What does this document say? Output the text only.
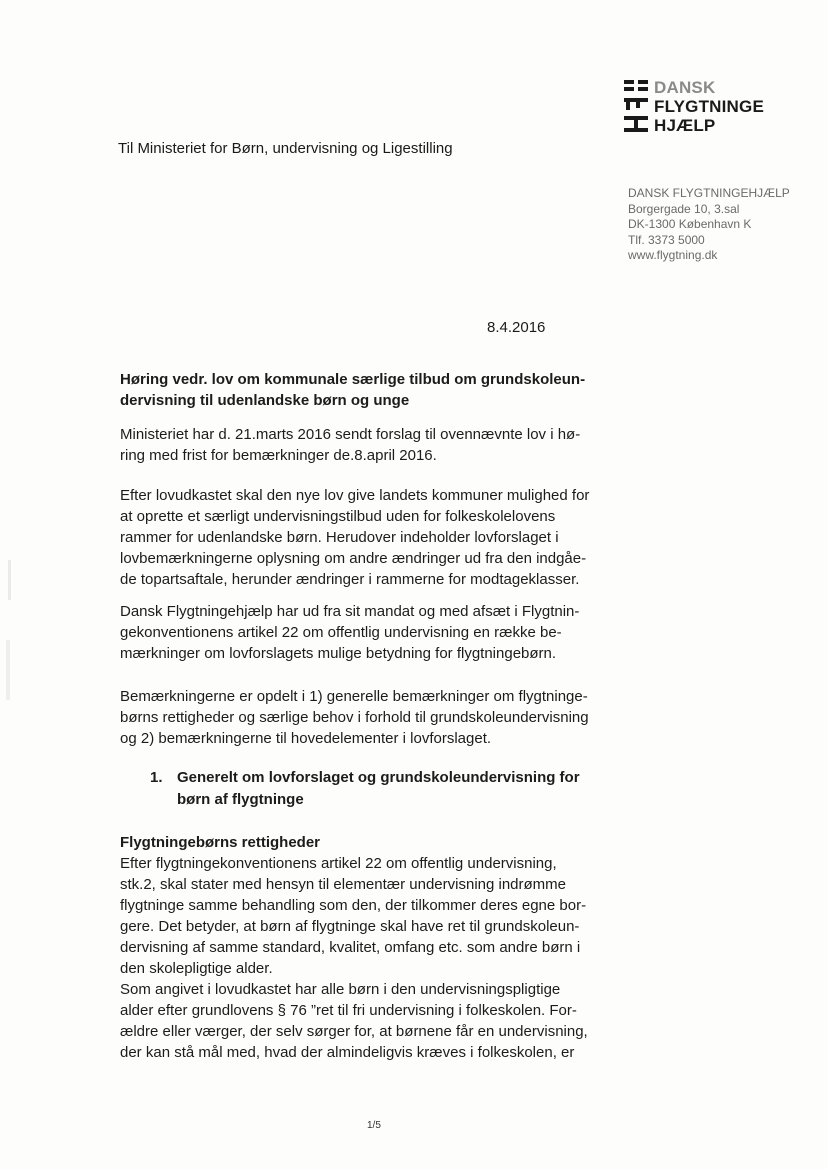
DANSK
FLYGTNINGE
HJÆLP
Til Ministeriet for Børn, undervisning og Ligestilling
DANSK FLYGTNINGEHJÆLP
Borgergade 10, 3.sal
DK-1300 København K
Tlf. 3373 5000
www.flygtning.dk
8.4.2016
Høring vedr. lov om kommunale særlige tilbud om grundskoleun-
dervisning til udenlandske børn og unge
Ministeriet har d. 21.marts 2016 sendt forslag til ovennævnte lov i hø-
ring med frist for bemærkninger de.8.april 2016.
Efter lovudkastet skal den nye lov give landets kommuner mulighed for
at oprette et særligt undervisningstilbud uden for folkeskolelovens
rammer for udenlandske børn. Herudover indeholder lovforslaget i
lovbemærkningerne oplysning om andre ændringer ud fra den indgåe-
de topartsaftale, herunder ændringer i rammerne for modtageklasser.
Dansk Flygtningehjælp har ud fra sit mandat og med afsæt i Flygtnin-
gekonventionens artikel 22 om offentlig undervisning en række be-
mærkninger om lovforslagets mulige betydning for flygtningebørn.
Bemærkningerne er opdelt i 1) generelle bemærkninger om flygtninge-
børns rettigheder og særlige behov i forhold til grundskoleundervisning
og 2) bemærkningerne til hovedelementer i lovforslaget.
1. Generelt om lovforslaget og grundskoleundervisning for
børn af flygtninge
Flygtningebørns rettigheder
Efter flygtningekonventionens artikel 22 om offentlig undervisning,
stk.2, skal stater med hensyn til elementær undervisning indrømme
flygtninge samme behandling som den, der tilkommer deres egne bor-
gere. Det betyder, at børn af flygtninge skal have ret til grundskoleun-
dervisning af samme standard, kvalitet, omfang etc. som andre børn i
den skolepligtige alder.
Som angivet i lovudkastet har alle børn i den undervisningspligtige
alder efter grundlovens § 76 ”ret til fri undervisning i folkeskolen. For-
ældre eller værger, der selv sørger for, at børnene får en undervisning,
der kan stå mål med, hvad der almindeligvis kræves i folkeskolen, er
1/5
